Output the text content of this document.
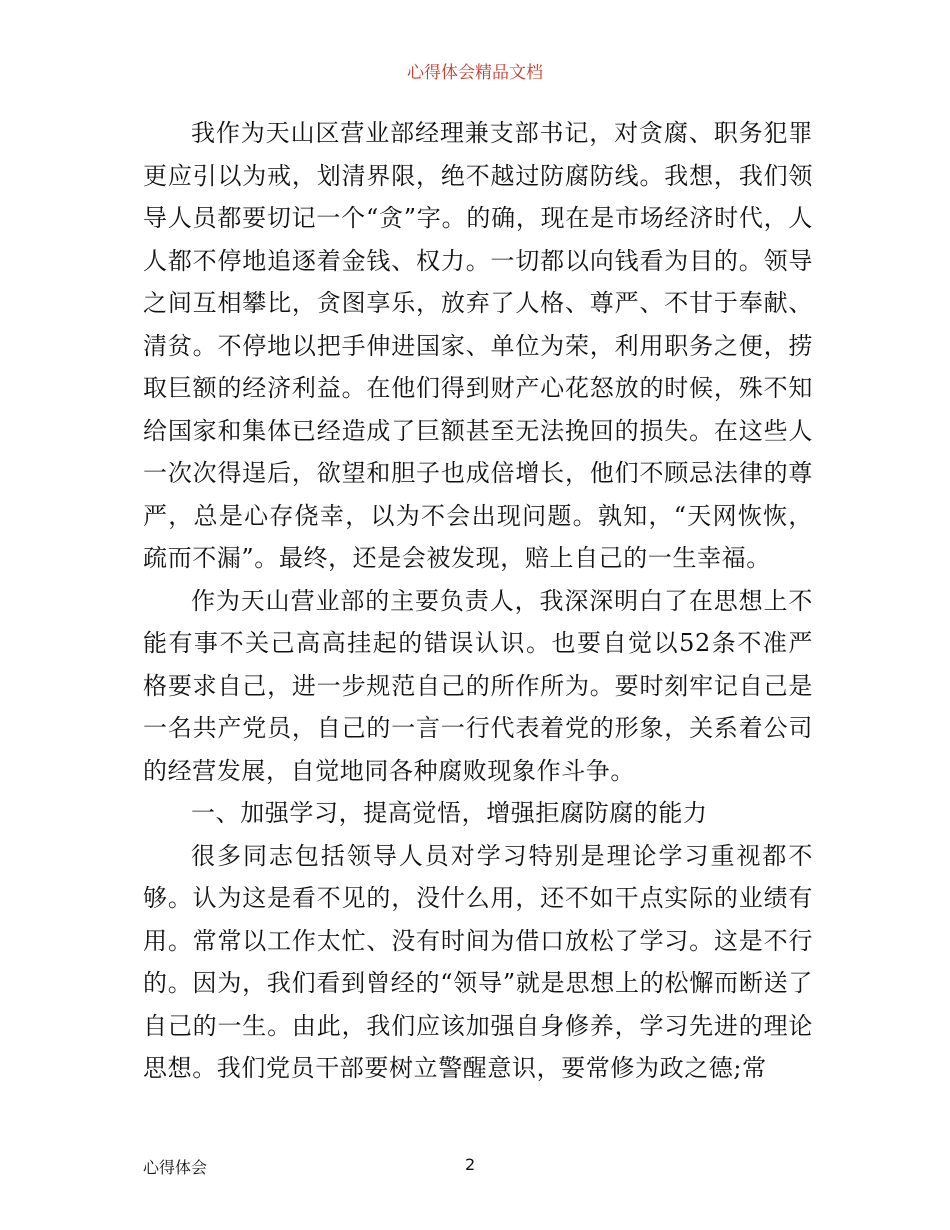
心得体会精品文档

我作为天山区营业部经理兼支部书记，对贪腐、职务犯罪更应引以为戒，划清界限，绝不越过防腐防线。我想，我们领导人员都要切记一个“贪”字。的确，现在是市场经济时代，人人都不停地追逐着金钱、权力。一切都以向钱看为目的。领导之间互相攀比，贪图享乐，放弃了人格、尊严、不甘于奉献、清贫。不停地以把手伸进国家、单位为荣，利用职务之便，捞取巨额的经济利益。在他们得到财产心花怒放的时候，殊不知给国家和集体已经造成了巨额甚至无法挽回的损失。在这些人一次次得逞后，欲望和胆子也成倍增长，他们不顾忌法律的尊严，总是心存侥幸，以为不会出现问题。孰知，“天网恢恢，疏而不漏”。最终，还是会被发现，赔上自己的一生幸福。

作为天山营业部的主要负责人，我深深明白了在思想上不能有事不关己高高挂起的错误认识。也要自觉以52条不准严格要求自己，进一步规范自己的所作所为。要时刻牢记自己是一名共产党员，自己的一言一行代表着党的形象，关系着公司的经营发展，自觉地同各种腐败现象作斗争。

一、加强学习，提高觉悟，增强拒腐防腐的能力

很多同志包括领导人员对学习特别是理论学习重视都不够。认为这是看不见的，没什么用，还不如干点实际的业绩有用。常常以工作太忙、没有时间为借口放松了学习。这是不行的。因为，我们看到曾经的“领导”就是思想上的松懈而断送了自己的一生。由此，我们应该加强自身修养，学习先进的理论思想。我们党员干部要树立警醒意识，要常修为政之德;常

心得体会	2
